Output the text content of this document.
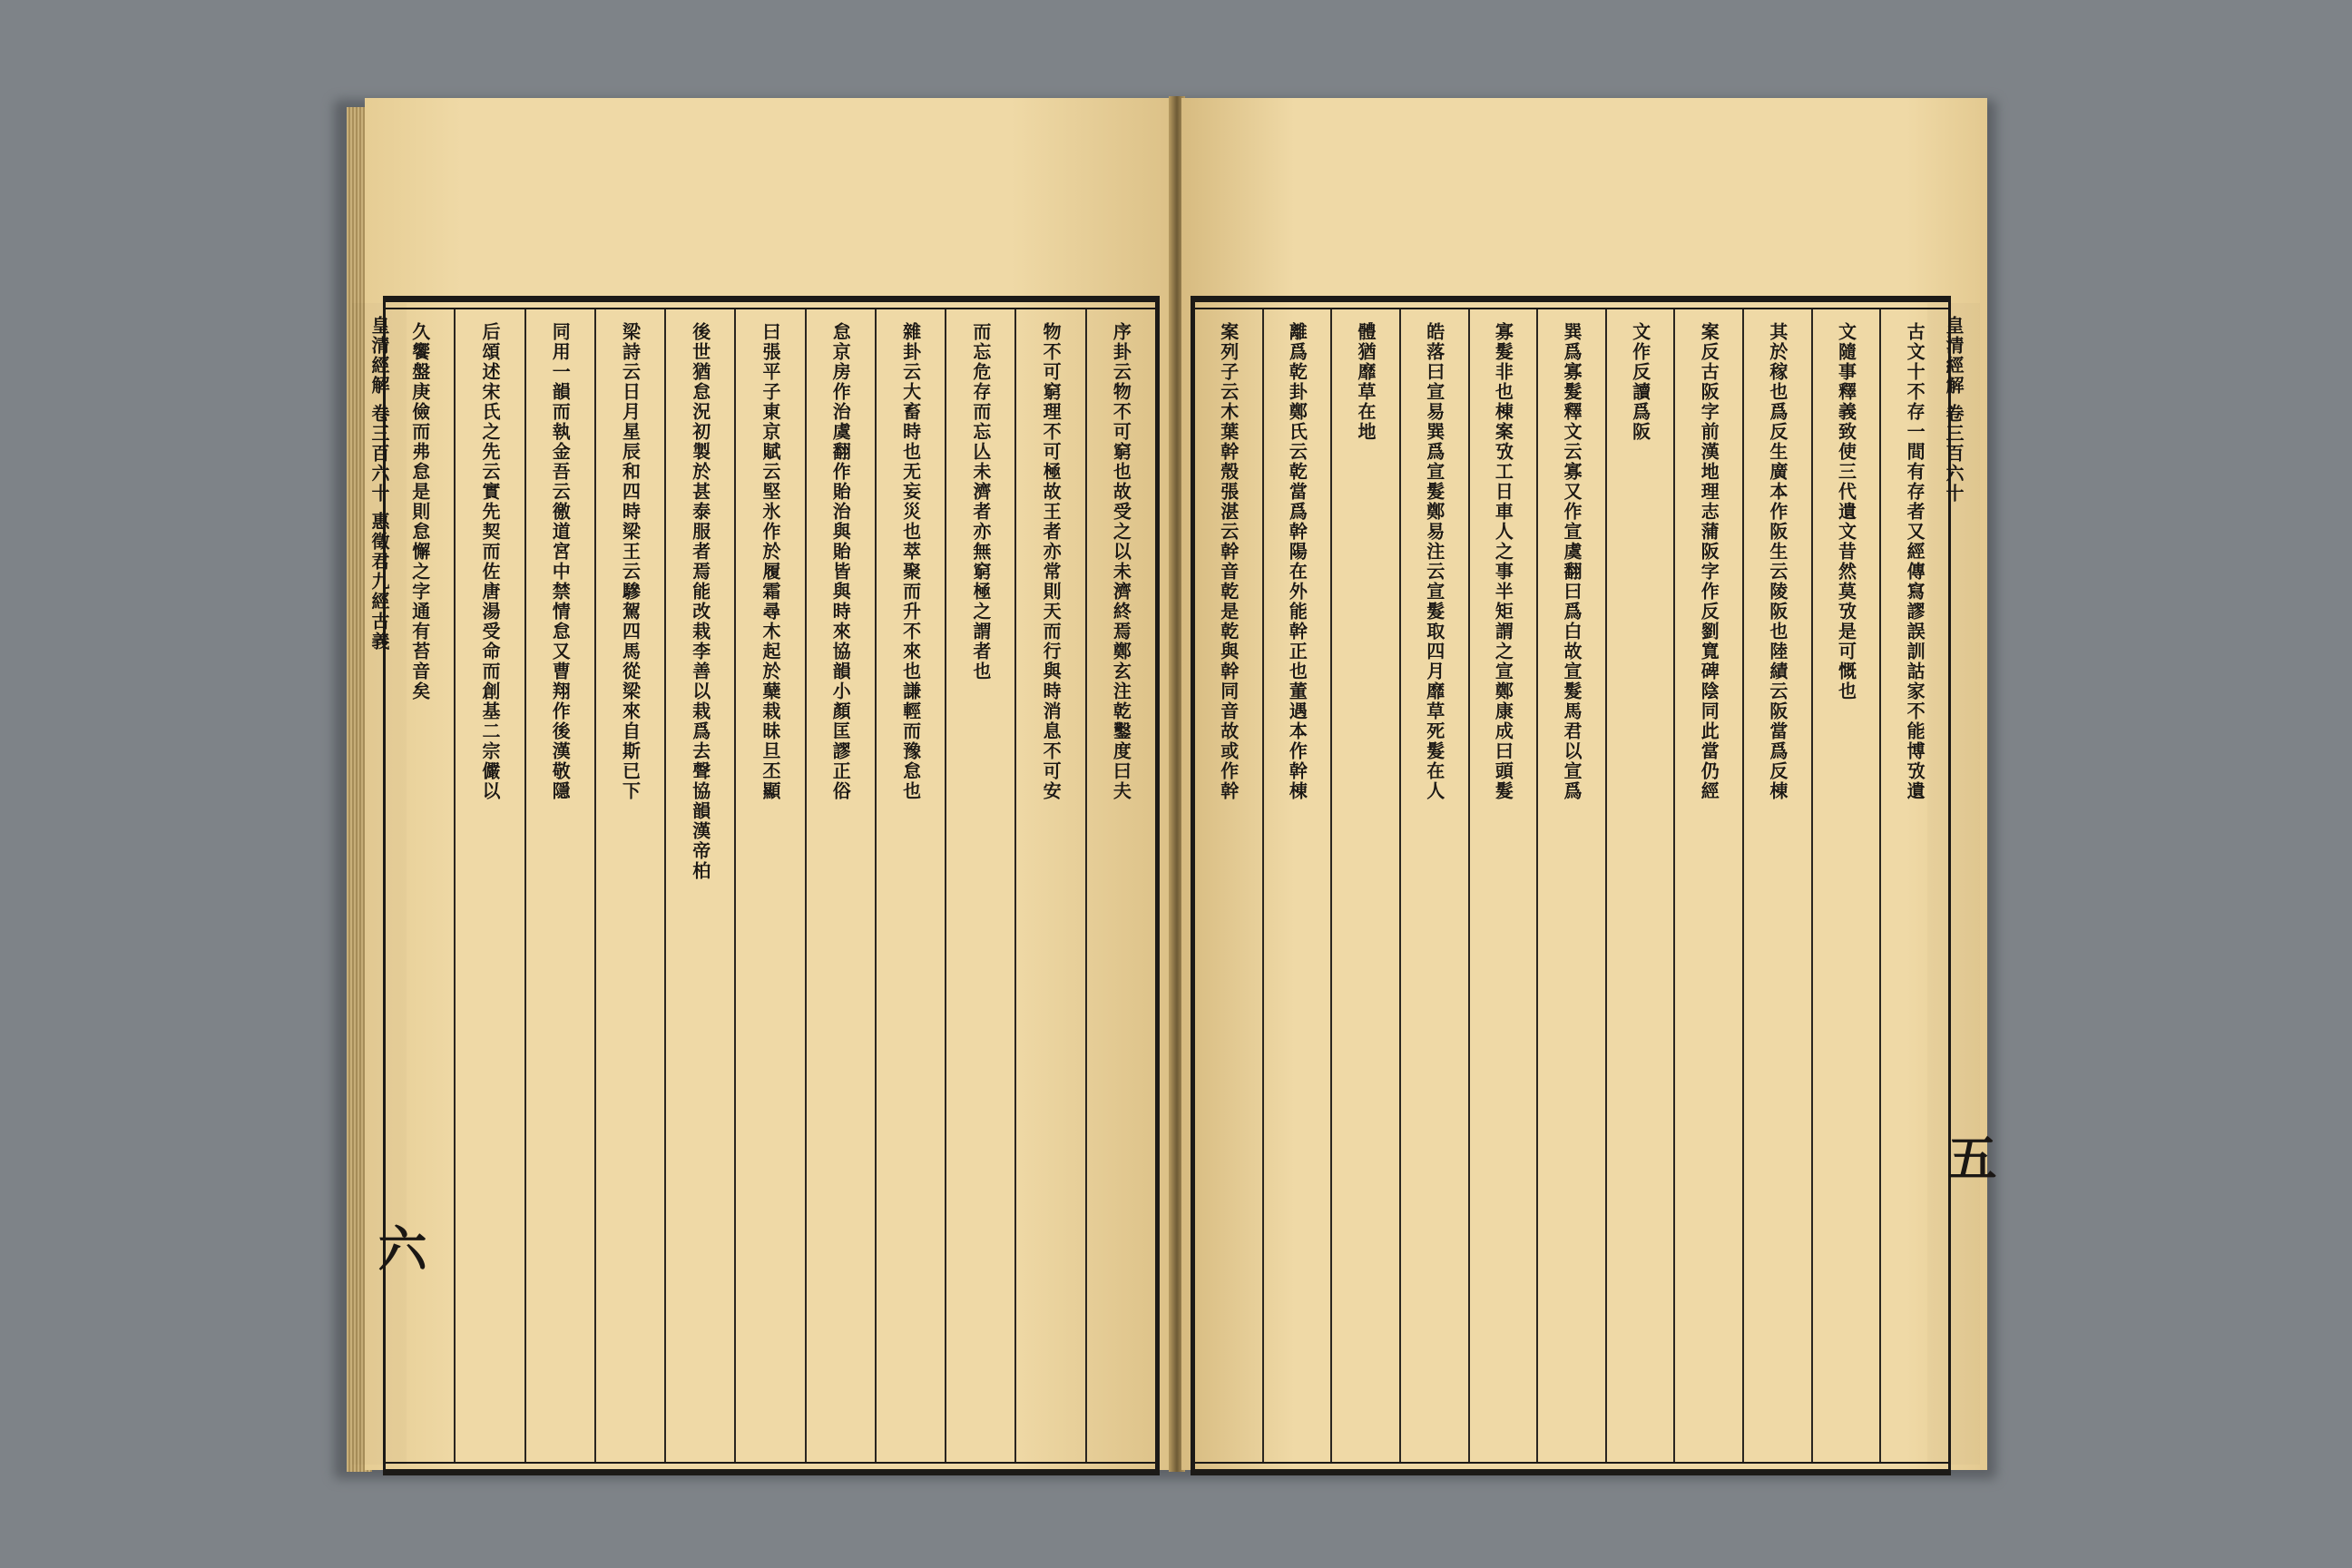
序卦云物不可窮也故受之以未濟終焉鄭玄注乾鑿度曰夫
物不可窮理不可極故王者亦常則天而行與時消息不可安
而忘危存而忘亾未濟者亦無窮極之謂者也
雜卦云大畜時也无妄災也萃聚而升不來也謙輕而豫怠也
怠京房作治虞翻作貽治與貽皆與時來協韻小顏匡謬正俗
曰張平子東京賦云堅氷作於履霜尋木起於蘖栽昧旦丕顯
後世猶怠況初製於甚泰服者焉能改栽李善以栽爲去聲協韻漢帝柏
梁詩云日月星辰和四時梁王云驂駕四馬從梁來自斯已下
同用一韻而執金吾云徼道宮中禁情怠又曹翔作後漢敬隱
后頌述宋氏之先云實先契而佐唐湯受命而創基二宗儼以
久饗盤庚儉而弗怠是則怠懈之字通有苔音矣
皇清經解 卷三百六十 惠徵君九經古義
六
古文十不存一間有存者又經傳寫謬誤訓詁家不能博攷遺
文隨事釋義致使三代遺文昔然莫攷是可慨也
其於稼也爲反生廣本作阪生云陵阪也陸績云阪當爲反棟
案反古阪字前漢地理志蒲阪字作反劉寬碑陰同此當仍經
文作反讀爲阪
巽爲寡髮釋文云寡又作宣虞翻曰爲白故宣髮馬君以宣爲
寡髮非也棟案攷工日車人之事半矩謂之宣鄭康成曰頭髮
皓落曰宣易巽爲宣髮鄭易注云宣髮取四月靡草死髮在人
體猶靡草在地
離爲乾卦鄭氏云乾當爲幹陽在外能幹正也董遇本作幹棟
案列子云木葉幹殼張湛云幹音乾是乾與幹同音故或作幹	皇清經解 卷三百六十
五
